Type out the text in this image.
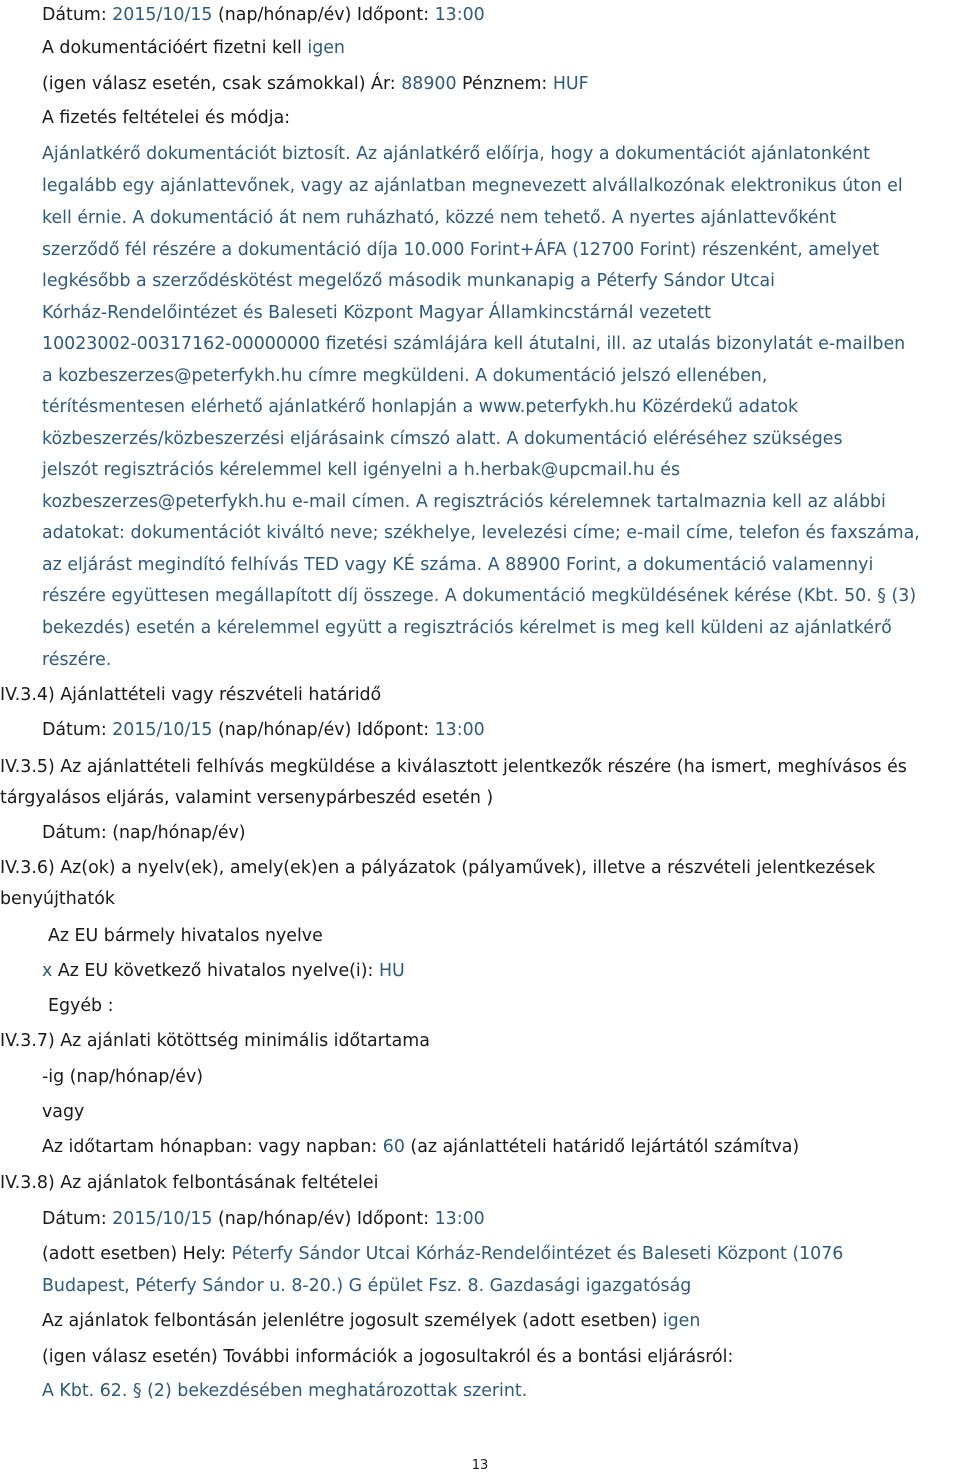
Dátum: 2015/10/15 (nap/hónap/év) Időpont: 13:00
A dokumentációért fizetni kell igen
(igen válasz esetén, csak számokkal) Ár: 88900 Pénznem: HUF
A fizetés feltételei és módja:
Ajánlatkérő dokumentációt biztosít. Az ajánlatkérő előírja, hogy a dokumentációt ajánlatonként
legalább egy ajánlattevőnek, vagy az ajánlatban megnevezett alvállalkozónak elektronikus úton el
kell érnie. A dokumentáció át nem ruházható, közzé nem tehető. A nyertes ajánlattevőként
szerződő fél részére a dokumentáció díja 10.000 Forint+ÁFA (12700 Forint) részenként, amelyet
legkésőbb a szerződéskötést megelőző második munkanapig a Péterfy Sándor Utcai
Kórház-Rendelőintézet és Baleseti Központ Magyar Államkincstárnál vezetett
10023002-00317162-00000000 fizetési számlájára kell átutalni, ill. az utalás bizonylatát e-mailben
a kozbeszerzes@peterfykh.hu címre megküldeni. A dokumentáció jelszó ellenében,
térítésmentesen elérhető ajánlatkérő honlapján a www.peterfykh.hu Közérdekű adatok
közbeszerzés/közbeszerzési eljárásaink címszó alatt. A dokumentáció eléréséhez szükséges
jelszót regisztrációs kérelemmel kell igényelni a h.herbak@upcmail.hu és
kozbeszerzes@peterfykh.hu e-mail címen. A regisztrációs kérelemnek tartalmaznia kell az alábbi
adatokat: dokumentációt kiváltó neve; székhelye, levelezési címe; e-mail címe, telefon és faxszáma,
az eljárást megindító felhívás TED vagy KÉ száma. A 88900 Forint, a dokumentáció valamennyi
részére együttesen megállapított díj összege. A dokumentáció megküldésének kérése (Kbt. 50. § (3)
bekezdés) esetén a kérelemmel együtt a regisztrációs kérelmet is meg kell küldeni az ajánlatkérő
részére.
IV.3.4) Ajánlattételi vagy részvételi határidő
Dátum: 2015/10/15 (nap/hónap/év) Időpont: 13:00
IV.3.5) Az ajánlattételi felhívás megküldése a kiválasztott jelentkezők részére (ha ismert, meghívásos és
tárgyalásos eljárás, valamint versenypárbeszéd esetén )
Dátum: (nap/hónap/év)
IV.3.6) Az(ok) a nyelv(ek), amely(ek)en a pályázatok (pályaművek), illetve a részvételi jelentkezések
benyújthatók
Az EU bármely hivatalos nyelve
x Az EU következő hivatalos nyelve(i): HU
Egyéb :
IV.3.7) Az ajánlati kötöttség minimális időtartama
-ig (nap/hónap/év)
vagy
Az időtartam hónapban: vagy napban: 60 (az ajánlattételi határidő lejártától számítva)
IV.3.8) Az ajánlatok felbontásának feltételei
Dátum: 2015/10/15 (nap/hónap/év) Időpont: 13:00
(adott esetben) Hely: Péterfy Sándor Utcai Kórház-Rendelőintézet és Baleseti Központ (1076
Budapest, Péterfy Sándor u. 8-20.) G épület Fsz. 8. Gazdasági igazgatóság
Az ajánlatok felbontásán jelenlétre jogosult személyek (adott esetben) igen
(igen válasz esetén) További információk a jogosultakról és a bontási eljárásról:
A Kbt. 62. § (2) bekezdésében meghatározottak szerint.
13
